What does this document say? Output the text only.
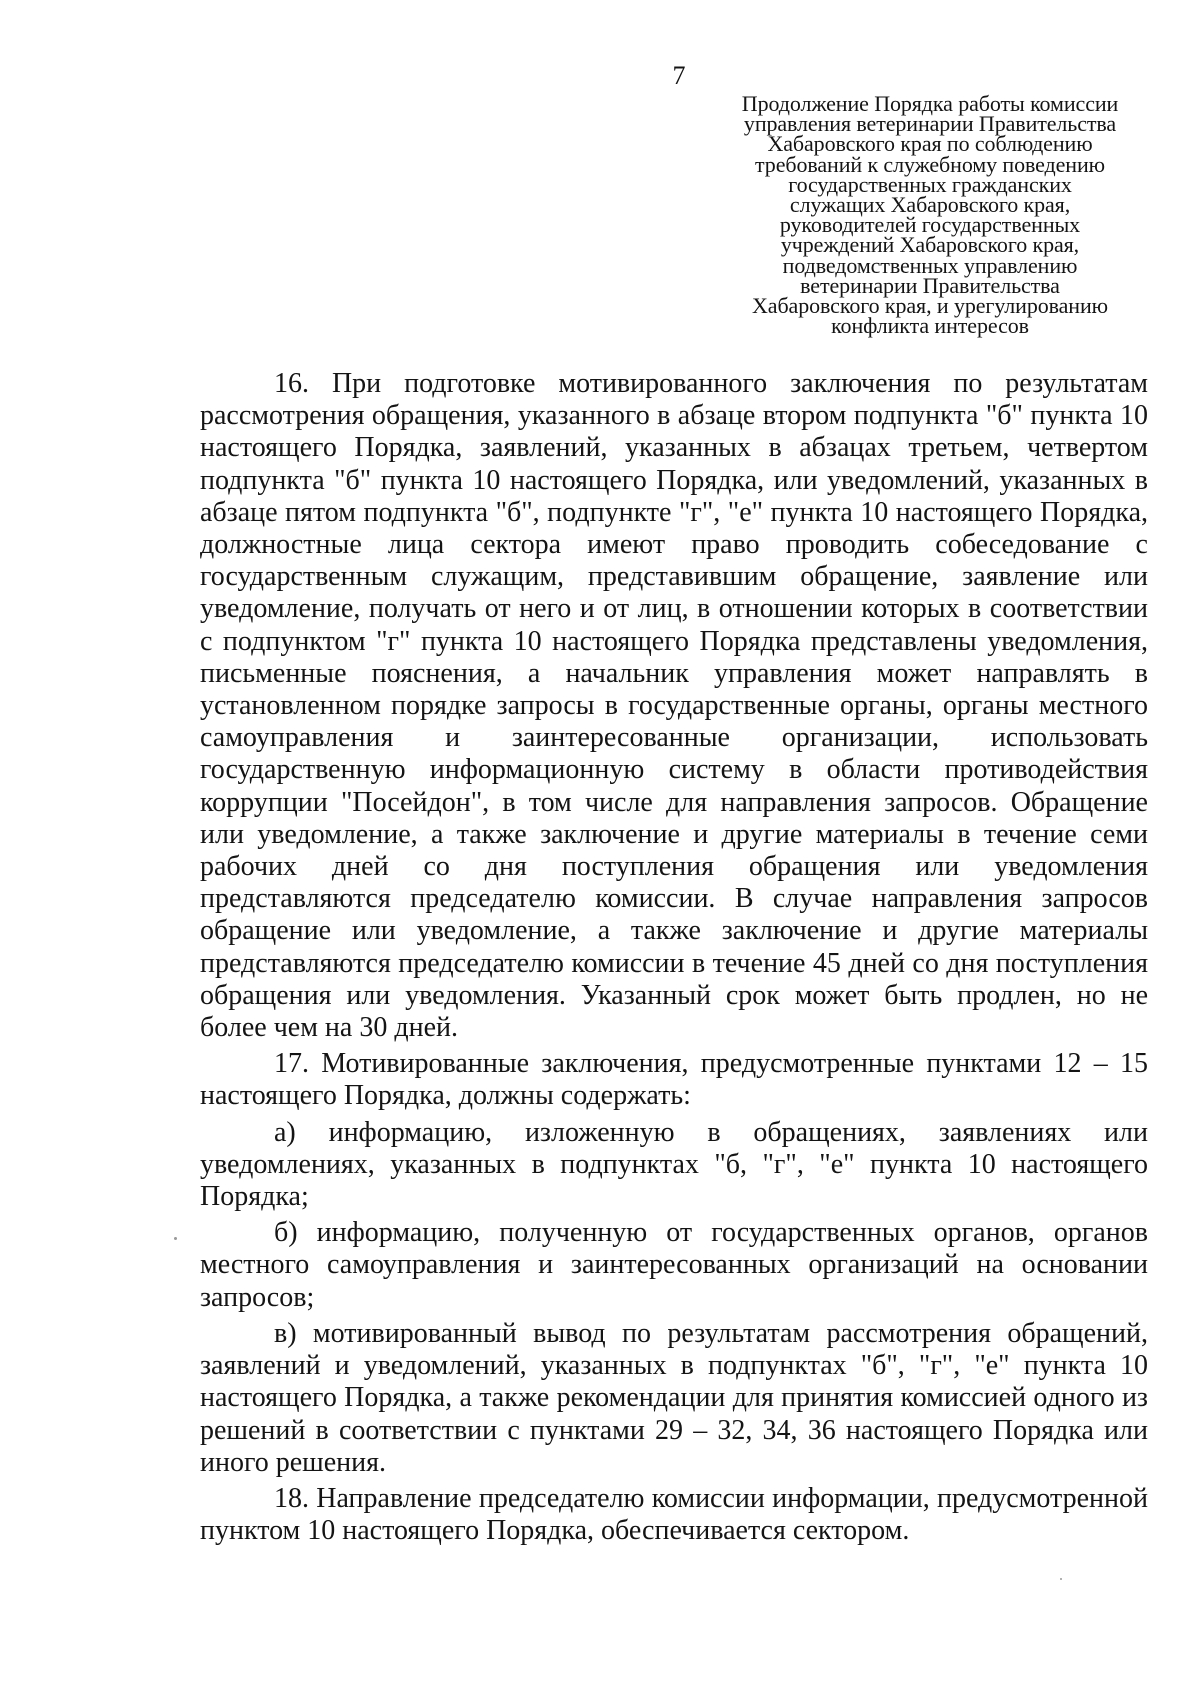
7
Продолжение Порядка работы комиссии
управления ветеринарии Правительства
Хабаровского края по соблюдению
требований к служебному поведению
государственных гражданских
служащих Хабаровского края,
руководителей государственных
учреждений Хабаровского края,
подведомственных управлению
ветеринарии Правительства
Хабаровского края, и урегулированию
конфликта интересов

16. При подготовке мотивированного заключения по результатам рассмотрения обращения, указанного в абзаце втором подпункта "б" пункта 10 настоящего Порядка, заявлений, указанных в абзацах третьем, четвертом подпункта "б" пункта 10 настоящего Порядка, или уведомлений, указанных в абзаце пятом подпункта "б", подпункте "г", "е" пункта 10 настоящего Порядка, должностные лица сектора имеют право проводить собеседование с государственным служащим, представившим обращение, заявление или уведомление, получать от него и от лиц, в отношении которых в соответствии с подпунктом "г" пункта 10 настоящего Порядка представлены уведомления, письменные пояснения, а начальник управления может направлять в установленном порядке запросы в государственные органы, органы местного самоуправления и заинтересованные организации, использовать государственную информационную систему в области противодействия коррупции "Посейдон", в том числе для направления запросов. Обращение или уведомление, а также заключение и другие материалы в течение семи рабочих дней со дня поступления обращения или уведомления представляются председателю комиссии. В случае направления запросов обращение или уведомление, а также заключение и другие материалы представляются председателю комиссии в течение 45 дней со дня поступления обращения или уведомления. Указанный срок может быть продлен, но не более чем на 30 дней.

17. Мотивированные заключения, предусмотренные пунктами 12 – 15 настоящего Порядка, должны содержать:

а) информацию, изложенную в обращениях, заявлениях или уведомлениях, указанных в подпунктах "б, "г", "е" пункта 10 настоящего Порядка;

б) информацию, полученную от государственных органов, органов местного самоуправления и заинтересованных организаций на основании запросов;

в) мотивированный вывод по результатам рассмотрения обращений, заявлений и уведомлений, указанных в подпунктах "б", "г", "е" пункта 10 настоящего Порядка, а также рекомендации для принятия комиссией одного из решений в соответствии с пунктами 29 – 32, 34, 36 настоящего Порядка или иного решения.

18. Направление председателю комиссии информации, предусмотренной пунктом 10 настоящего Порядка, обеспечивается сектором.
